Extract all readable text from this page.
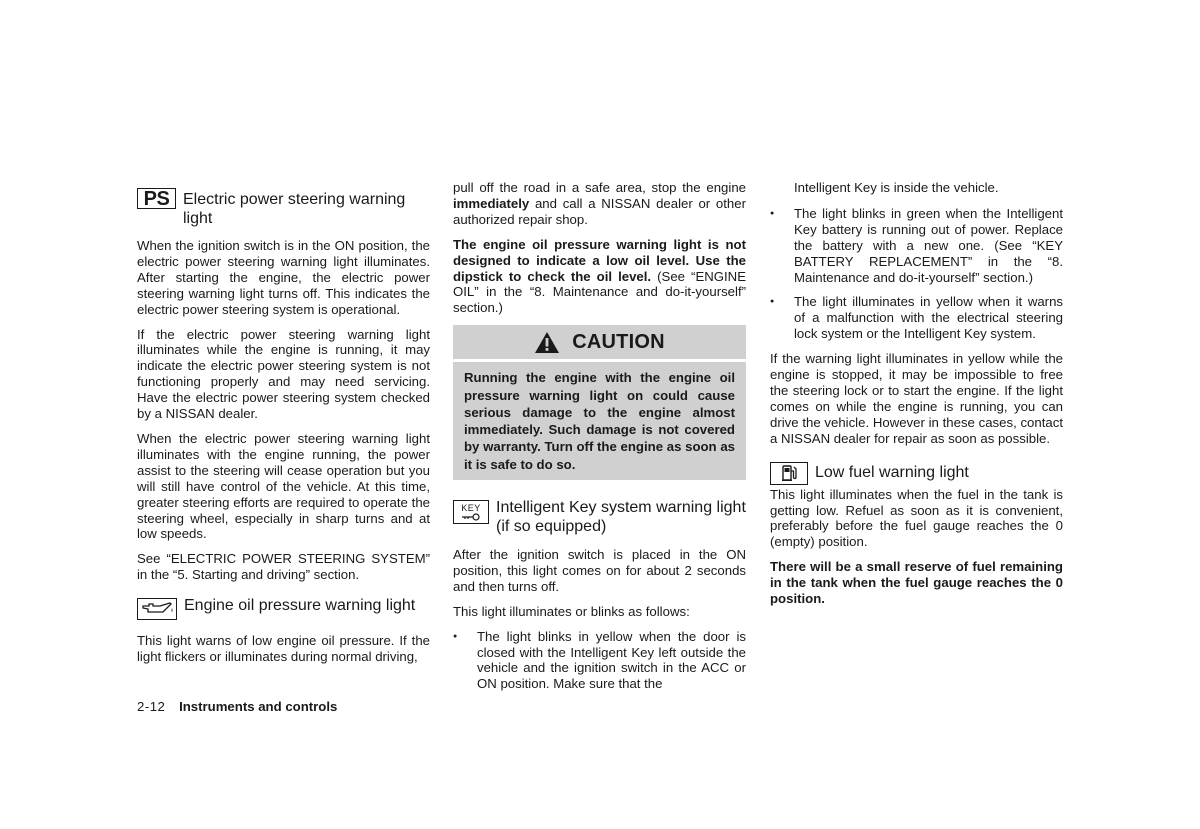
PS Electric power steering warning light

When the ignition switch is in the ON position, the electric power steering warning light illuminates. After starting the engine, the electric power steering warning light turns off. This indicates the electric power steering system is operational.

If the electric power steering warning light illuminates while the engine is running, it may indicate the electric power steering system is not functioning properly and may need servicing. Have the electric power steering system checked by a NISSAN dealer.

When the electric power steering warning light illuminates with the engine running, the power assist to the steering will cease operation but you will still have control of the vehicle. At this time, greater steering efforts are required to operate the steering wheel, especially in sharp turns and at low speeds.

See “ELECTRIC POWER STEERING SYSTEM” in the “5. Starting and driving” section.

Engine oil pressure warning light

This light warns of low engine oil pressure. If the light flickers or illuminates during normal driving,

pull off the road in a safe area, stop the engine immediately and call a NISSAN dealer or other authorized repair shop.

The engine oil pressure warning light is not designed to indicate a low oil level. Use the dipstick to check the oil level. (See “ENGINE OIL” in the “8. Maintenance and do-it-yourself” section.)

CAUTION
Running the engine with the engine oil pressure warning light on could cause serious damage to the engine almost immediately. Such damage is not covered by warranty. Turn off the engine as soon as it is safe to do so.
KEY Intelligent Key system warning light (if so equipped)

After the ignition switch is placed in the ON position, this light comes on for about 2 seconds and then turns off.

This light illuminates or blinks as follows:

● The light blinks in yellow when the door is closed with the Intelligent Key left outside the vehicle and the ignition switch in the ACC or ON position. Make sure that the
Intelligent Key is inside the vehicle.
● The light blinks in green when the Intelligent Key battery is running out of power. Replace the battery with a new one. (See “KEY BATTERY REPLACEMENT” in the “8. Maintenance and do-it-yourself” section.)
● The light illuminates in yellow when it warns of a malfunction with the electrical steering lock system or the Intelligent Key system.

If the warning light illuminates in yellow while the engine is stopped, it may be impossible to free the steering lock or to start the engine. If the light comes on while the engine is running, you can drive the vehicle. However in these cases, contact a NISSAN dealer for repair as soon as possible.

Low fuel warning light

This light illuminates when the fuel in the tank is getting low. Refuel as soon as it is convenient, preferably before the fuel gauge reaches the 0 (empty) position.

There will be a small reserve of fuel remaining in the tank when the fuel gauge reaches the 0 position.

2-12 Instruments and controls
